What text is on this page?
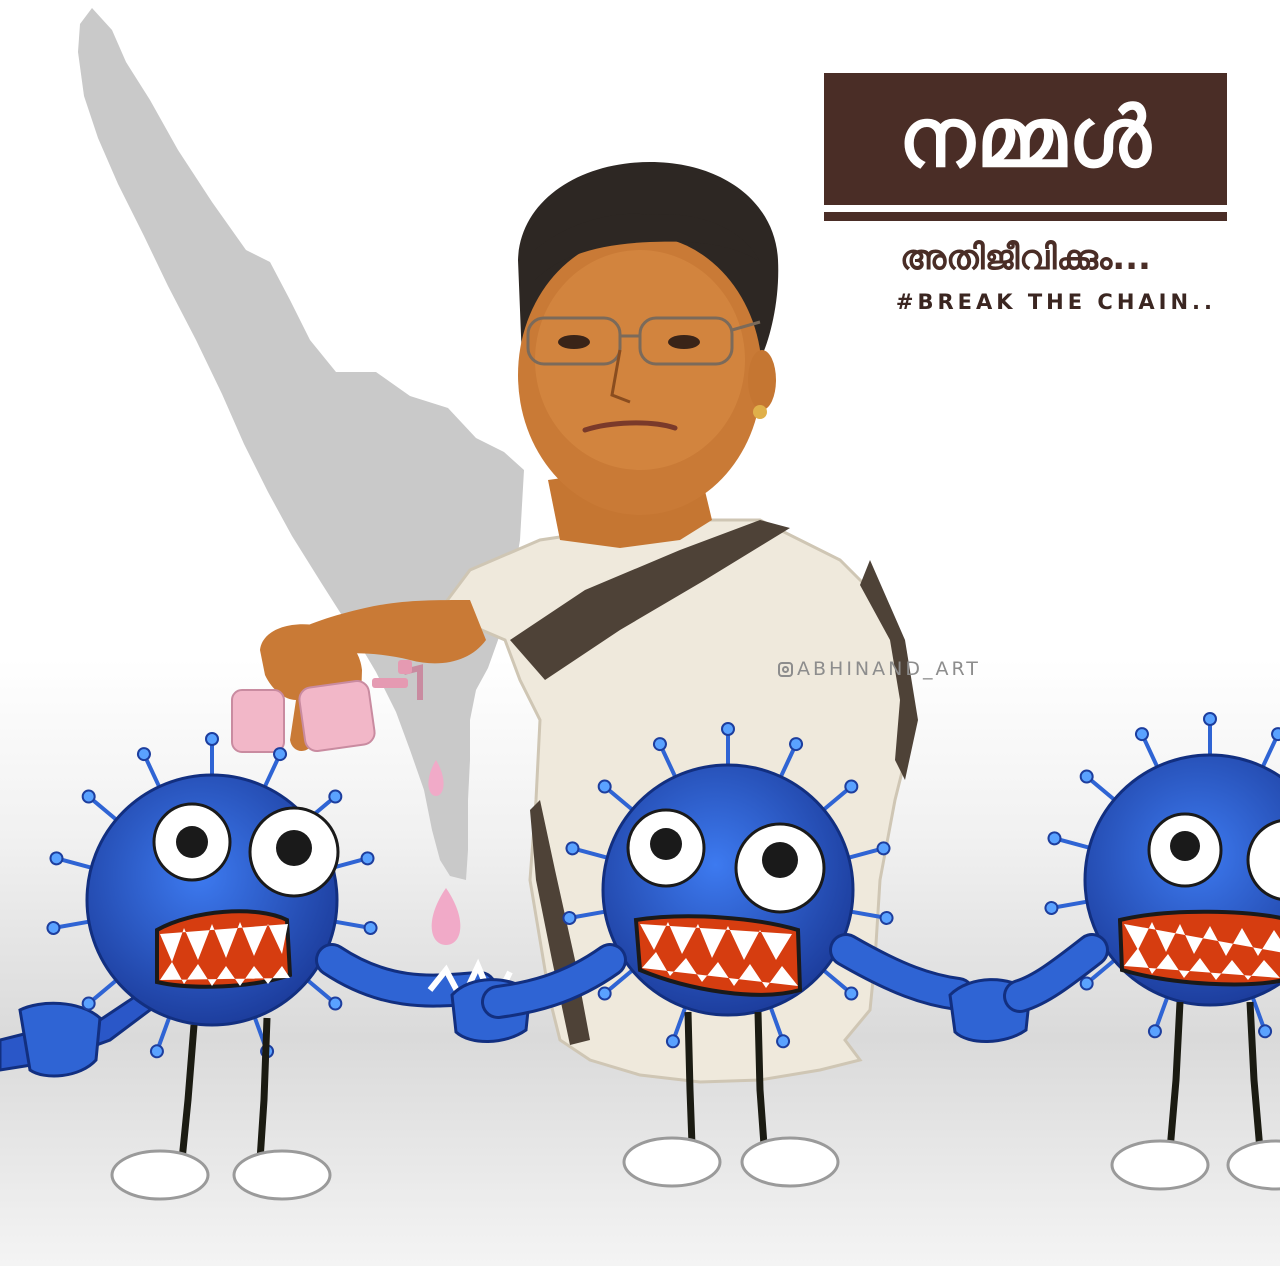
നമ്മൾ
അതിജീവിക്കും...
#BREAK THE CHAIN..
ABHINAND_ART
